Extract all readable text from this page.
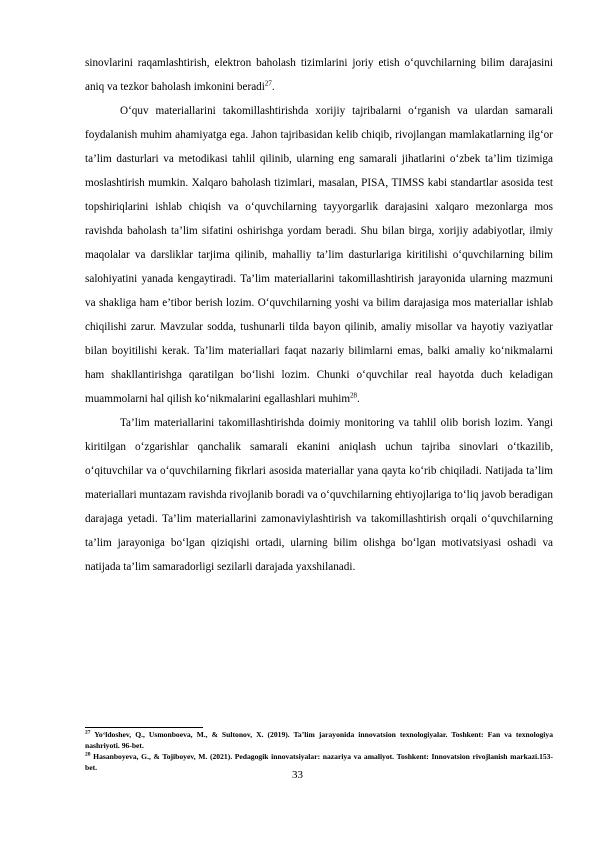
sinovlarini raqamlashtirish, elektron baholash tizimlarini joriy etish o‘quvchilarning bilim darajasini aniq va tezkor baholash imkonini beradi$^{27}$.

O‘quv materiallarini takomillashtirishda xorijiy tajribalarni o‘rganish va ulardan samarali foydalanish muhim ahamiyatga ega. Jahon tajribasidan kelib chiqib, rivojlangan mamlakatlarning ilg‘or ta’lim dasturlari va metodikasi tahlil qilinib, ularning eng samarali jihatlarini o‘zbek ta’lim tizimiga moslashtirish mumkin. Xalqaro baholash tizimlari, masalan, PISA, TIMSS kabi standartlar asosida test topshiriqlarini ishlab chiqish va o‘quvchilarning tayyorgarlik darajasini xalqaro mezonlarga mos ravishda baholash ta’lim sifatini oshirishga yordam beradi. Shu bilan birga, xorijiy adabiyotlar, ilmiy maqolalar va darsliklar tarjima qilinib, mahalliy ta’lim dasturlariga kiritilishi o‘quvchilarning bilim salohiyatini yanada kengaytiradi. Ta’lim materiallarini takomillashtirish jarayonida ularning mazmuni va shakliga ham e’tibor berish lozim. O‘quvchilarning yoshi va bilim darajasiga mos materiallar ishlab chiqilishi zarur. Mavzular sodda, tushunarli tilda bayon qilinib, amaliy misollar va hayotiy vaziyatlar bilan boyitilishi kerak. Ta’lim materiallari faqat nazariy bilimlarni emas, balki amaliy ko‘nikmalarni ham shakllantirishga qaratilgan bo‘lishi lozim. Chunki o‘quvchilar real hayotda duch keladigan muammolarni hal qilish ko‘nikmalarini egallashlari muhim$^{28}$.

Ta’lim materiallarini takomillashtirishda doimiy monitoring va tahlil olib borish lozim. Yangi kiritilgan o‘zgarishlar qanchalik samarali ekanini aniqlash uchun tajriba sinovlari o‘tkazilib, o‘qituvchilar va o‘quvchilarning fikrlari asosida materiallar yana qayta ko‘rib chiqiladi. Natijada ta’lim materiallari muntazam ravishda rivojlanib boradi va o‘quvchilarning ehtiyojlariga to‘liq javob beradigan darajaga yetadi. Ta’lim materiallarini zamonaviylashtirish va takomillashtirish orqali o‘quvchilarning ta’lim jarayoniga bo‘lgan qiziqishi ortadi, ularning bilim olishga bo‘lgan motivatsiyasi oshadi va natijada ta’lim samaradorligi sezilarli darajada yaxshilanadi.

$^{27}$ Yo‘ldoshev, Q., Usmonboeva, M., & Sultonov, X. (2019). Ta’lim jarayonida innovatsion texnologiyalar. Toshkent: Fan va texnologiya nashriyoti. 96-bet.

$^{28}$ Hasanboyeva, G., & Tojiboyev, M. (2021). Pedagogik innovatsiyalar: nazariya va amaliyot. Toshkent: Innovatsion rivojlanish markazi.153-bet.

33
